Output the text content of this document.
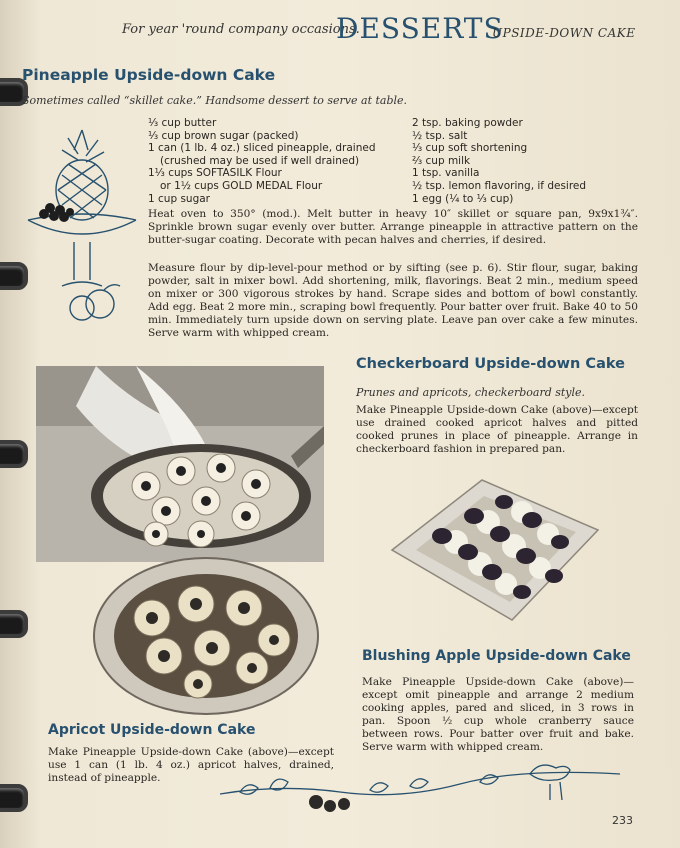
For year 'round company occasions.
DESSERTS
UPSIDE-DOWN CAKE
Pineapple Upside-down Cake
Sometimes called “skillet cake.” Handsome dessert to serve at table.
⅓ cup butter
⅓ cup brown sugar (packed)
1 can (1 lb. 4 oz.) sliced pineapple, drained
(crushed may be used if well drained)
1⅓ cups SOFTASILK Flour
or 1½ cups GOLD MEDAL Flour
1 cup sugar
2 tsp. baking powder
½ tsp. salt
⅓ cup soft shortening
⅔ cup milk
1 tsp. vanilla
½ tsp. lemon flavoring, if desired
1 egg (¼ to ⅓ cup)

Heat oven to 350° (mod.). Melt butter in heavy 10″ skillet or square pan, 9x9x1¾″. Sprinkle brown sugar evenly over butter. Arrange pineapple in attractive pattern on the butter-sugar coating. Decorate with pecan halves and cherries, if desired.

Measure flour by dip-level-pour method or by sifting (see p. 6). Stir flour, sugar, baking powder, salt in mixer bowl. Add shortening, milk, flavorings. Beat 2 min., medium speed on mixer or 300 vigorous strokes by hand. Scrape sides and bottom of bowl constantly. Add egg. Beat 2 more min., scraping bowl frequently. Pour batter over fruit. Bake 40 to 50 min. Immediately turn upside down on serving plate. Leave pan over cake a few minutes. Serve warm with whipped cream.

Checkerboard Upside-down Cake
Prunes and apricots, checkerboard style.

Make Pineapple Upside-down Cake (above)—except use drained cooked apricot halves and pitted cooked prunes in place of pineapple. Arrange in checkerboard fashion in prepared pan.

Blushing Apple Upside-down Cake

Make Pineapple Upside-down Cake (above)—except omit pineapple and arrange 2 medium cooking apples, pared and sliced, in 3 rows in pan. Spoon ½ cup whole cranberry sauce between rows. Pour batter over fruit and bake. Serve warm with whipped cream.

Apricot Upside-down Cake

Make Pineapple Upside-down Cake (above)—except use 1 can (1 lb. 4 oz.) apricot halves, drained, instead of pineapple.

233
